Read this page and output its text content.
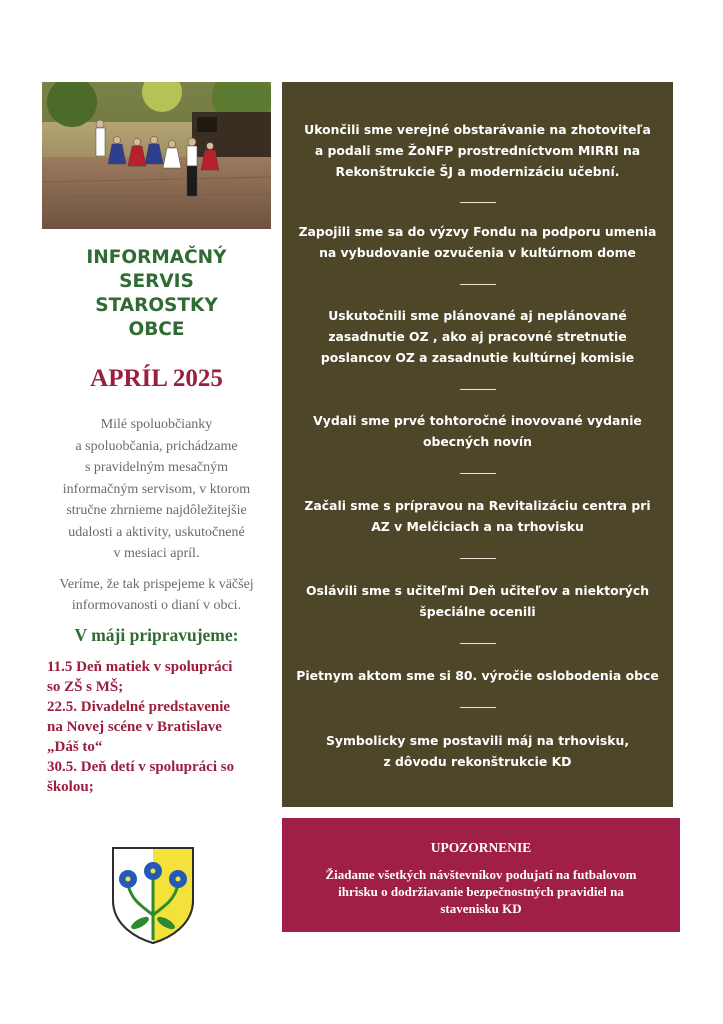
INFORMAČNÝ
SERVIS
STAROSTKY
OBCE
APRÍL 2025
Milé spoluobčianky
a spoluobčania, prichádzame
s pravidelným mesačným
informačným servisom, v ktorom
stručne zhrnieme najdôležitejšie
udalosti a aktivity, uskutočnené
v mesiaci apríl.
Veríme, že tak prispejeme k väčšej
informovanosti o dianí v obci.
V máji pripravujeme:
11.5 Deň matiek v spolupráci
so ZŠ s MŠ;
22.5. Divadelné predstavenie
na Novej scéne v Bratislave
„Dáš to“
30.5. Deň detí v spolupráci so
školou;
Ukončili sme verejné obstarávanie na zhotoviteľa
a podali sme ŽoNFP prostredníctvom MIRRI na
Rekonštrukcie ŠJ a modernizáciu učební.
Zapojili sme sa do výzvy Fondu na podporu umenia
na vybudovanie ozvučenia v kultúrnom dome
Uskutočnili sme plánované aj neplánované
zasadnutie OZ , ako aj pracovné stretnutie
poslancov OZ a zasadnutie kultúrnej komisie
Vydali sme prvé tohtoročné inovované vydanie
obecných novín
Začali sme s prípravou na Revitalizáciu centra pri
AZ v Melčiciach a na trhovisku
Oslávili sme s učiteľmi Deň učiteľov a niektorých
špeciálne ocenili
Pietnym aktom sme si 80. výročie oslobodenia obce
Symbolicky sme postavili máj na trhovisku,
z dôvodu rekonštrukcie KD
UPOZORNENIE
Žiadame všetkých návštevníkov podujatí na futbalovom
ihrisku o dodržiavanie bezpečnostných pravidiel na
stavenisku KD
